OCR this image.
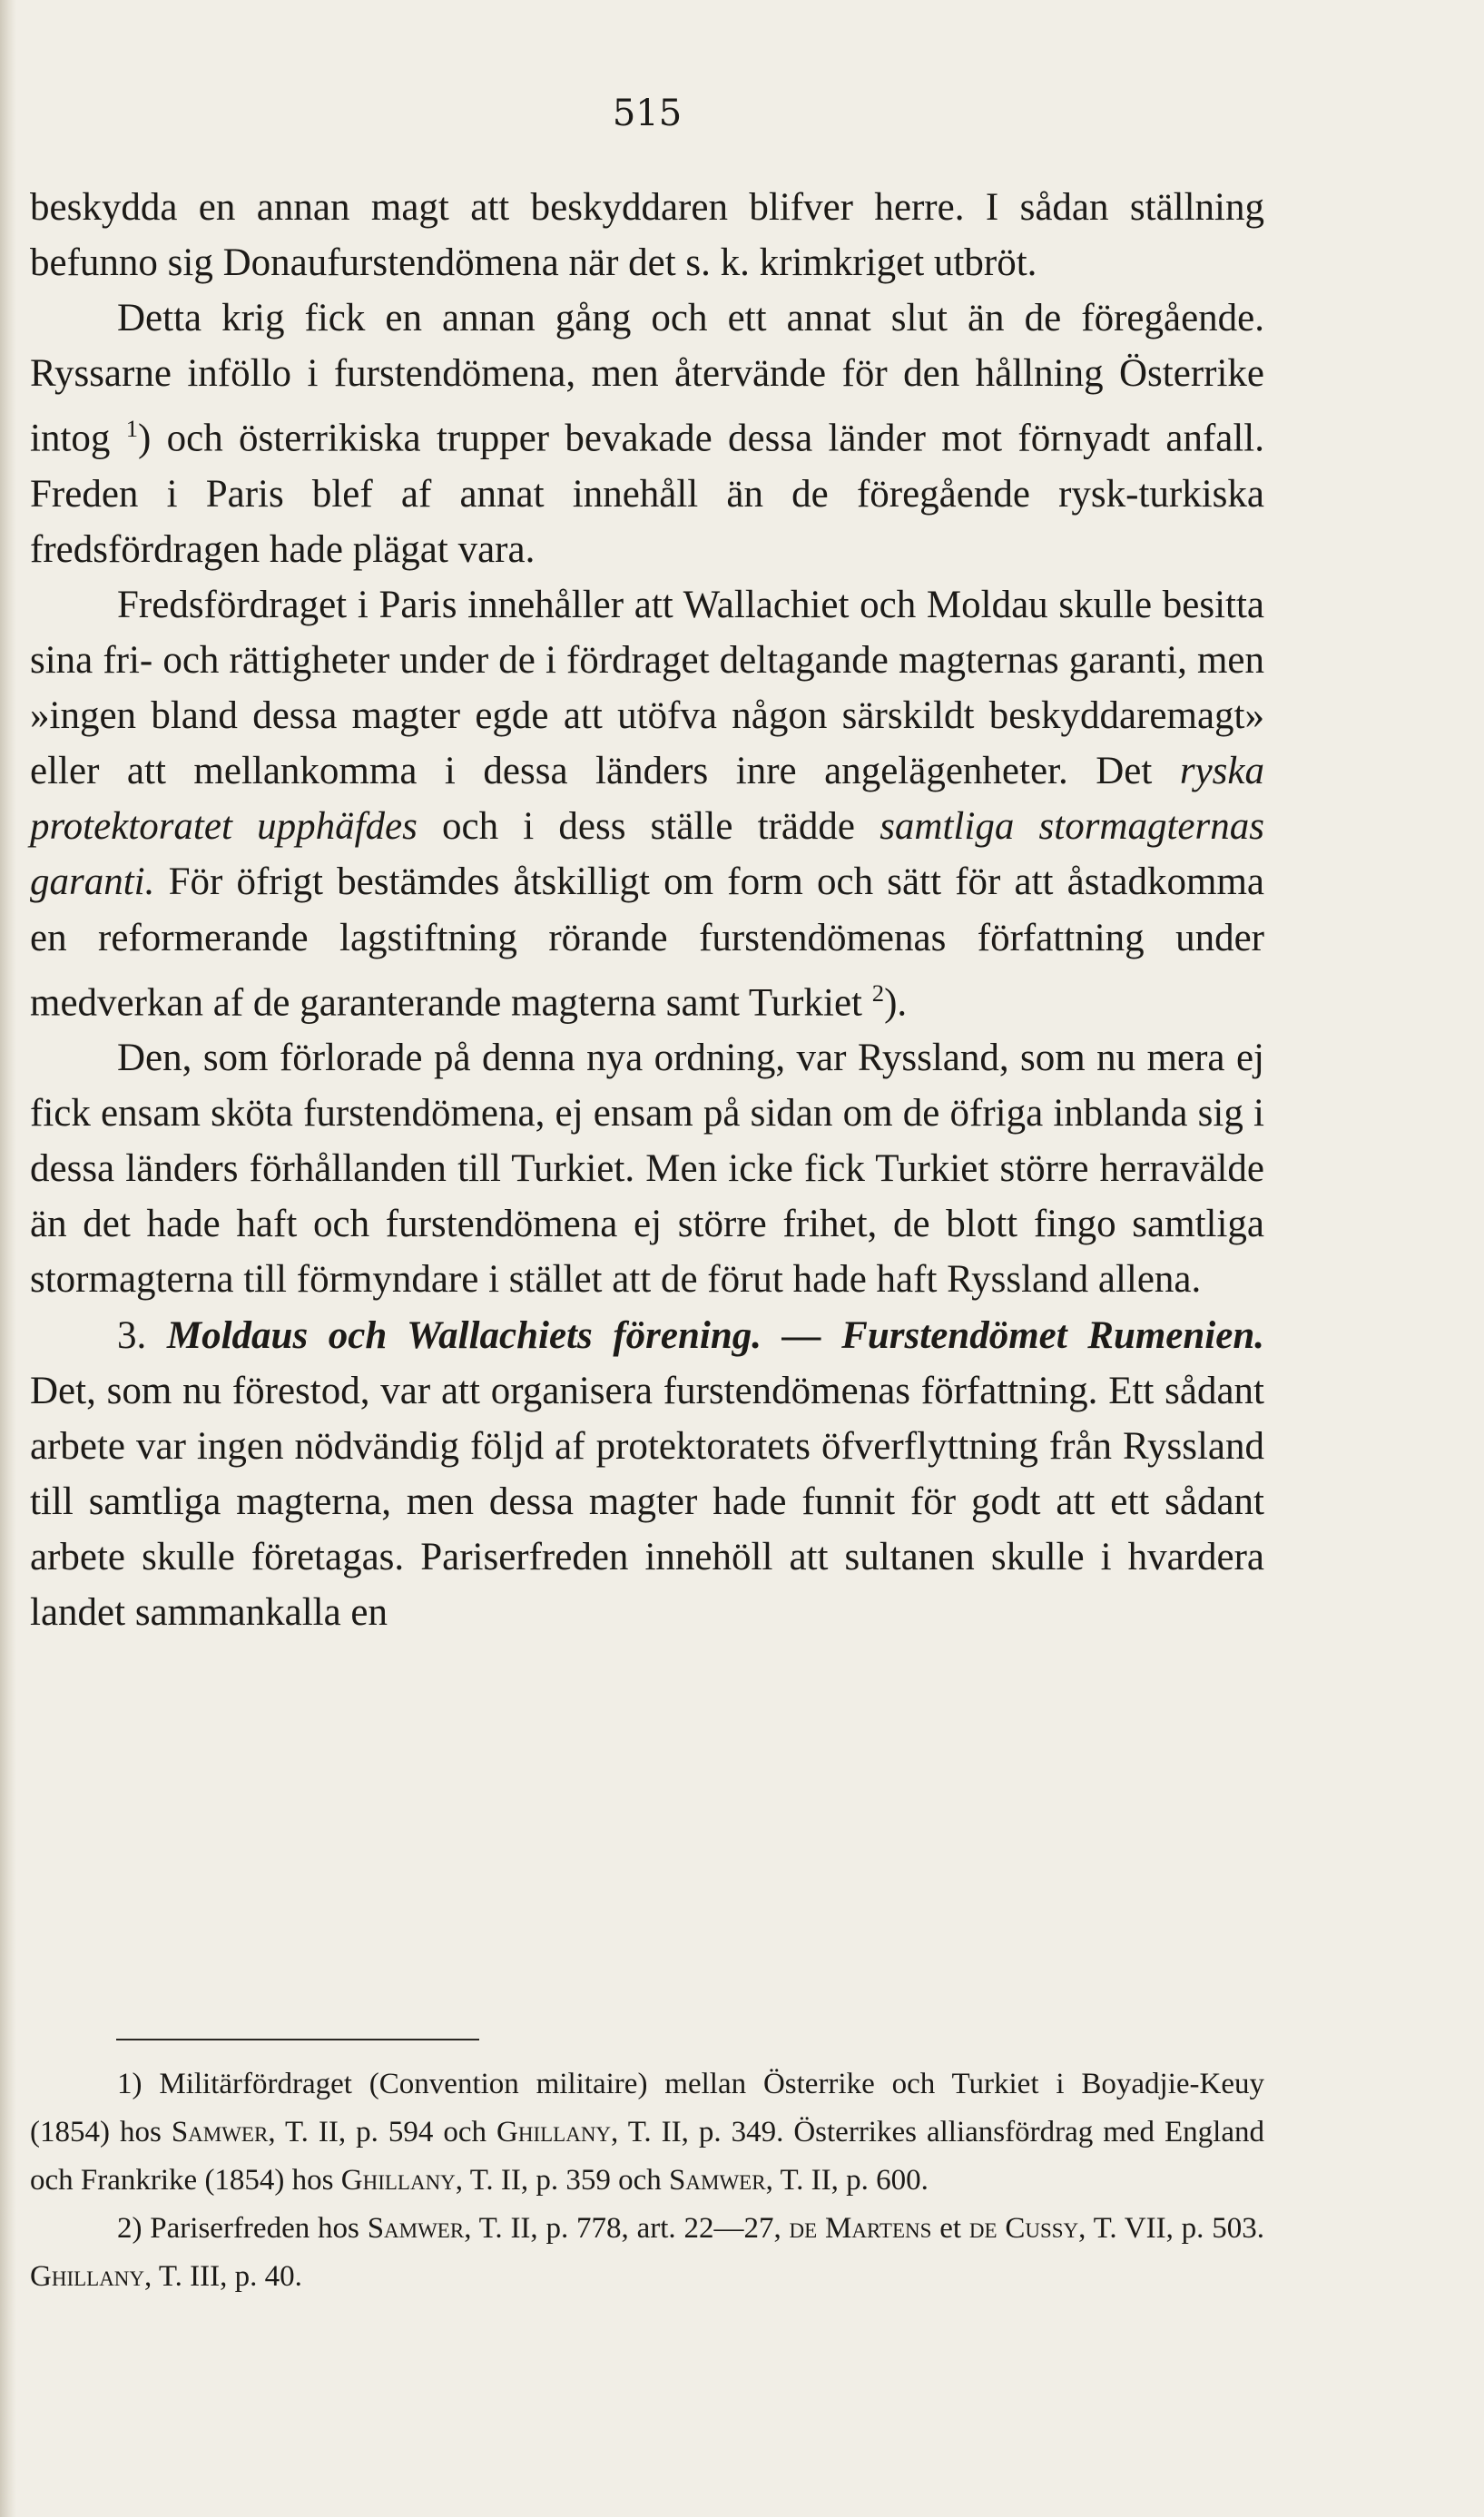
515

beskydda en annan magt att beskyddaren blifver herre. I sådan ställning befunno sig Donaufurstendömena när det s. k. krimkriget utbröt.

Detta krig fick en annan gång och ett annat slut än de föregående. Ryssarne inföllo i furstendömena, men återvände för den hållning Österrike intog $^1$) och österrikiska trupper bevakade dessa länder mot förnyadt anfall. Freden i Paris blef af annat innehåll än de föregående rysk-turkiska fredsfördragen hade plägat vara.

Fredsfördraget i Paris innehåller att Wallachiet och Moldau skulle besitta sina fri- och rättigheter under de i fördraget deltagande magternas garanti, men »ingen bland dessa magter egde att utöfva någon särskildt beskyddaremagt» eller att mellankomma i dessa länders inre angelägenheter. Det ryska protektoratet upphäfdes och i dess ställe trädde samtliga stormagternas garanti. För öfrigt bestämdes åtskilligt om form och sätt för att åstadkomma en reformerande lagstiftning rörande furstendömenas författning under medverkan af de garanterande magterna samt Turkiet $^2$).

Den, som förlorade på denna nya ordning, var Ryssland, som nu mera ej fick ensam sköta furstendömena, ej ensam på sidan om de öfriga inblanda sig i dessa länders förhållanden till Turkiet. Men icke fick Turkiet större herravälde än det hade haft och furstendömena ej större frihet, de blott fingo samtliga stormagterna till förmyndare i stället att de förut hade haft Ryssland allena.

3. Moldaus och Wallachiets förening. — Furstendömet Rumenien. Det, som nu förestod, var att organisera furstendömenas författning. Ett sådant arbete var ingen nödvändig följd af protektoratets öfverflyttning från Ryssland till samtliga magterna, men dessa magter hade funnit för godt att ett sådant arbete skulle företagas. Pariserfreden innehöll att sultanen skulle i hvardera landet sammankalla en

1) Militärfördraget (Convention militaire) mellan Österrike och Turkiet i Boyadjie-Keuy (1854) hos Samwer, T. II, p. 594 och Ghillany, T. II, p. 349. Österrikes alliansfördrag med England och Frankrike (1854) hos Ghillany, T. II, p. 359 och Samwer, T. II, p. 600.

2) Pariserfreden hos Samwer, T. II, p. 778, art. 22—27, de Martens et de Cussy, T. VII, p. 503. Ghillany, T. III, p. 40.
